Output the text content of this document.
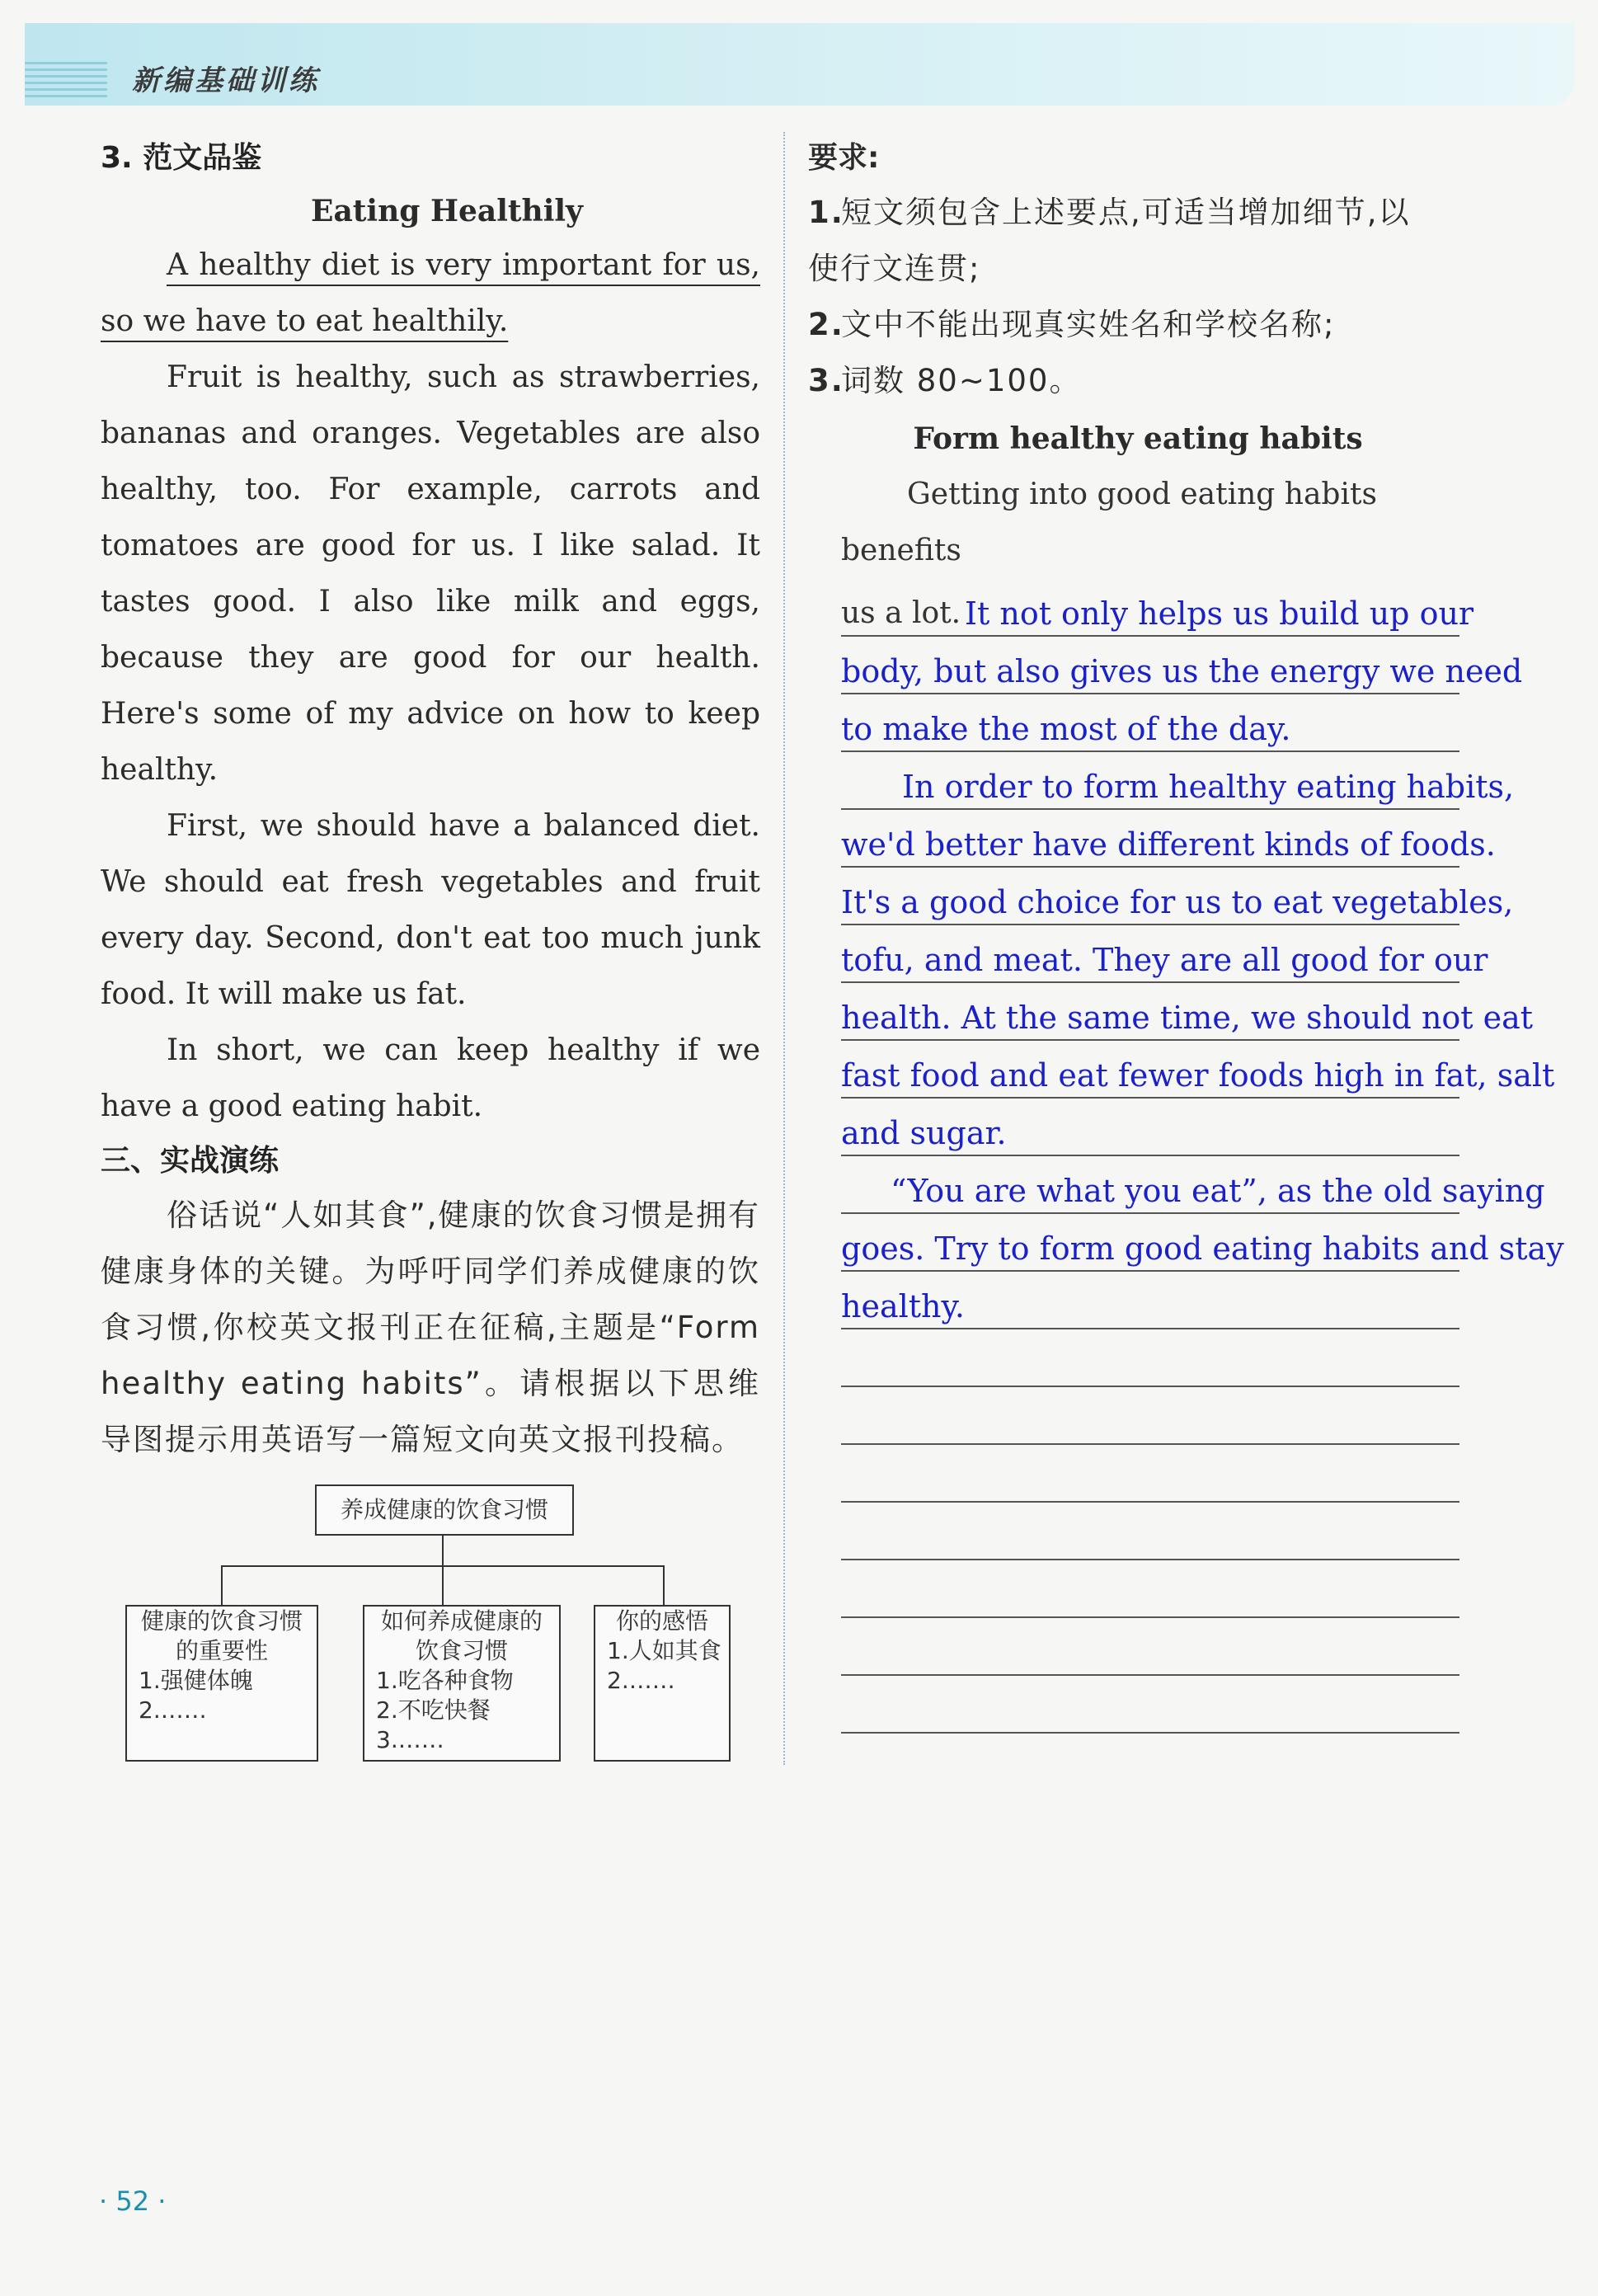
新编基础训练
3. 范文品鉴
Eating Healthily

A healthy diet is very important for us, so we have to eat healthily.

Fruit is healthy, such as strawberries, bananas and oranges. Vegetables are also healthy, too. For example, carrots and tomatoes are good for us. I like salad. It tastes good. I also like milk and eggs, because they are good for our health. Here's some of my advice on how to keep healthy.

First, we should have a balanced diet. We should eat fresh vegetables and fruit every day. Second, don't eat too much junk food. It will make us fat.

In short, we can keep healthy if we have a good eating habit.

三、实战演练

俗话说“人如其食”,健康的饮食习惯是拥有健康身体的关键。为呼吁同学们养成健康的饮食习惯,你校英文报刊正在征稿,主题是“Form healthy eating habits”。请根据以下思维导图提示用英语写一篇短文向英文报刊投稿。

养成健康的饮食习惯
健康的饮食习惯
的重要性
1.强健体魄
2.……
如何养成健康的
饮食习惯
1.吃各种食物
2.不吃快餐
3.……
你的感悟
1.人如其食
2.……
要求:
1.短文须包含上述要点,可适当增加细节,以
使行文连贯;
2.文中不能出现真实姓名和学校名称;
3.词数 80~100。
Form healthy eating habits
Getting into good eating habits benefits
us a lot. It not only helps us build up our
body, but also gives us the energy we need
to make the most of the day.
In order to form healthy eating habits,
we'd better have different kinds of foods.
It's a good choice for us to eat vegetables,
tofu, and meat. They are all good for our
health. At the same time, we should not eat
fast food and eat fewer foods high in fat, salt
and sugar.
“You are what you eat”, as the old saying
goes. Try to form good eating habits and stay
healthy.
· 52 ·
